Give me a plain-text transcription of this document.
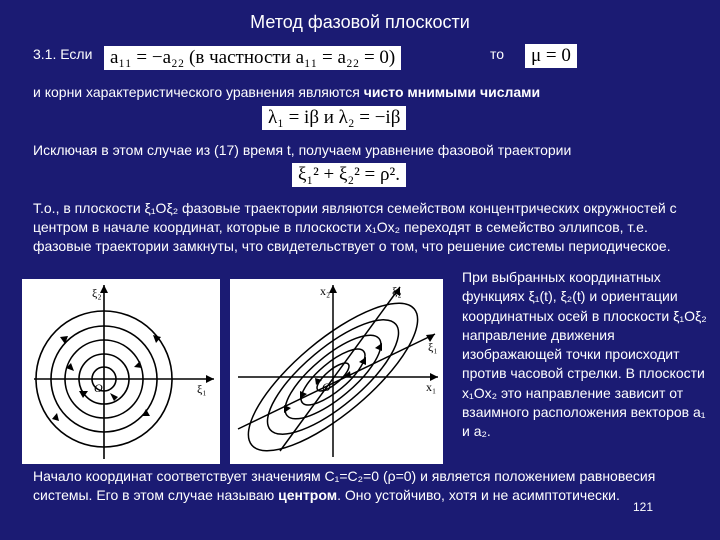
Метод фазовой плоскости
3.1. Если a₁₁ = −a₂₂ (в частности a₁₁ = a₂₂ = 0)	то	μ = 0
и корни характеристического уравнения являются чисто мнимыми числами
λ₁ = iβ и λ₂ = −iβ
Исключая в этом случае из (17) время t, получаем уравнение фазовой траектории
ξ₁² + ξ₂² = ρ².
Т.о., в плоскости ξ₁Oξ₂ фазовые траектории являются семейством концентрических окружностей с центром в начале координат, которые в плоскости x₁Ox₂ переходят в семейство эллипсов, т.е. фазовые траектории замкнуты, что свидетельствует о том, что решение системы периодическое.
ξ₂
ξ₁
O
x₂	ξ₂
ξ₁
x₁
O
При выбранных координатных функциях ξ₁(t), ξ₂(t) и ориентации координатных осей в плоскости ξ₁Oξ₂ направление движения изображающей точки происходит против часовой стрелки. В плоскости x₁Ox₂ это направление зависит от взаимного расположения векторов a₁ и a₂.
Начало координат соответствует значениям C₁=C₂=0 (ρ=0) и является положением равновесия системы. Его в этом случае называю центром. Оно устойчиво, хотя и не асимптотически.
121
